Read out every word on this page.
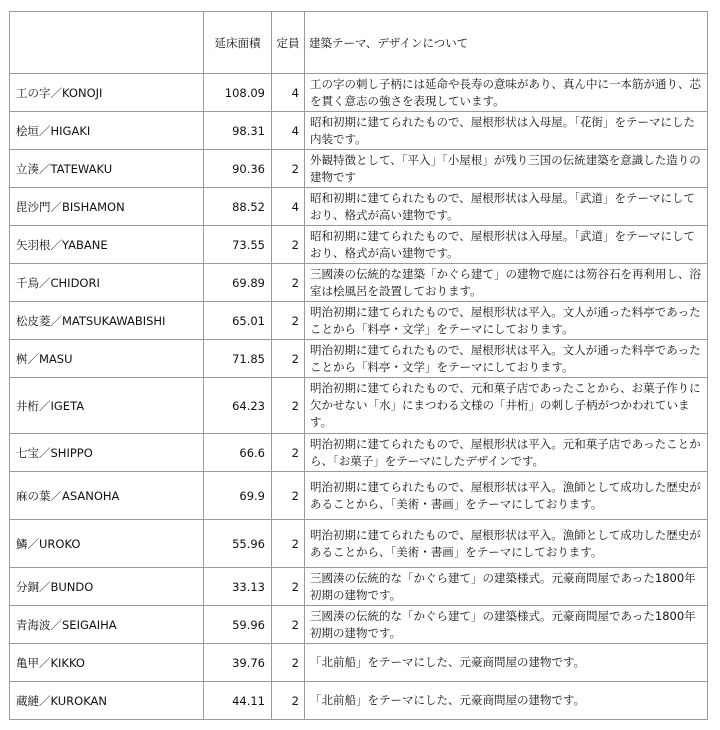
	延床面積	定員	建築テーマ、デザインについて
工の字／KONOJI	108.09	4	工の字の刺し子柄には延命や長寿の意味があり、真ん中に一本筋が通り、芯を貫く意志の強さを表現しています。
桧垣／HIGAKI	98.31	4	昭和初期に建てられたもので、屋根形状は入母屋。「花街」をテーマにした内装です。
立湊／TATEWAKU	90.36	2	外観特徴として、「平入」「小屋根」が残り三国の伝統建築を意識した造りの建物です
毘沙門／BISHAMON	88.52	4	昭和初期に建てられたもので、屋根形状は入母屋。「武道」をテーマにしており、格式が高い建物です。
矢羽根／YABANE	73.55	2	昭和初期に建てられたもので、屋根形状は入母屋。「武道」をテーマにしており、格式が高い建物です。
千鳥／CHIDORI	69.89	2	三國湊の伝統的な建築「かぐら建て」の建物で庭には笏谷石を再利用し、浴室は桧風呂を設置しております。
松皮菱／MATSUKAWABISHI	65.01	2	明治初期に建てられたもので、屋根形状は平入。文人が通った料亭であったことから「料亭・文学」をテーマにしております。
桝／MASU	71.85	2	明治初期に建てられたもので、屋根形状は平入。文人が通った料亭であったことから「料亭・文学」をテーマにしております。
井桁／IGETA	64.23	2	明治初期に建てられたもので、元和菓子店であったことから、お菓子作りに欠かせない「水」にまつわる文様の「井桁」の刺し子柄がつかわれています。
七宝／SHIPPO	66.6	2	明治初期に建てられたもので、屋根形状は平入。元和菓子店であったことから、「お菓子」をテーマにしたデザインです。
麻の葉／ASANOHA	69.9	2	明治初期に建てられたもので、屋根形状は平入。漁師として成功した歴史があることから、「美術・書画」をテーマにしております。
鱗／UROKO	55.96	2	明治初期に建てられたもので、屋根形状は平入。漁師として成功した歴史があることから、「美術・書画」をテーマにしております。
分銅／BUNDO	33.13	2	三國湊の伝統的な「かぐら建て」の建築様式。元豪商問屋であった1800年初期の建物です。
青海波／SEIGAIHA	59.96	2	三國湊の伝統的な「かぐら建て」の建築様式。元豪商問屋であった1800年初期の建物です。
亀甲／KIKKO	39.76	2	「北前船」をテーマにした、元豪商問屋の建物です。
蔵縺／KUROKAN	44.11	2	「北前船」をテーマにした、元豪商問屋の建物です。
